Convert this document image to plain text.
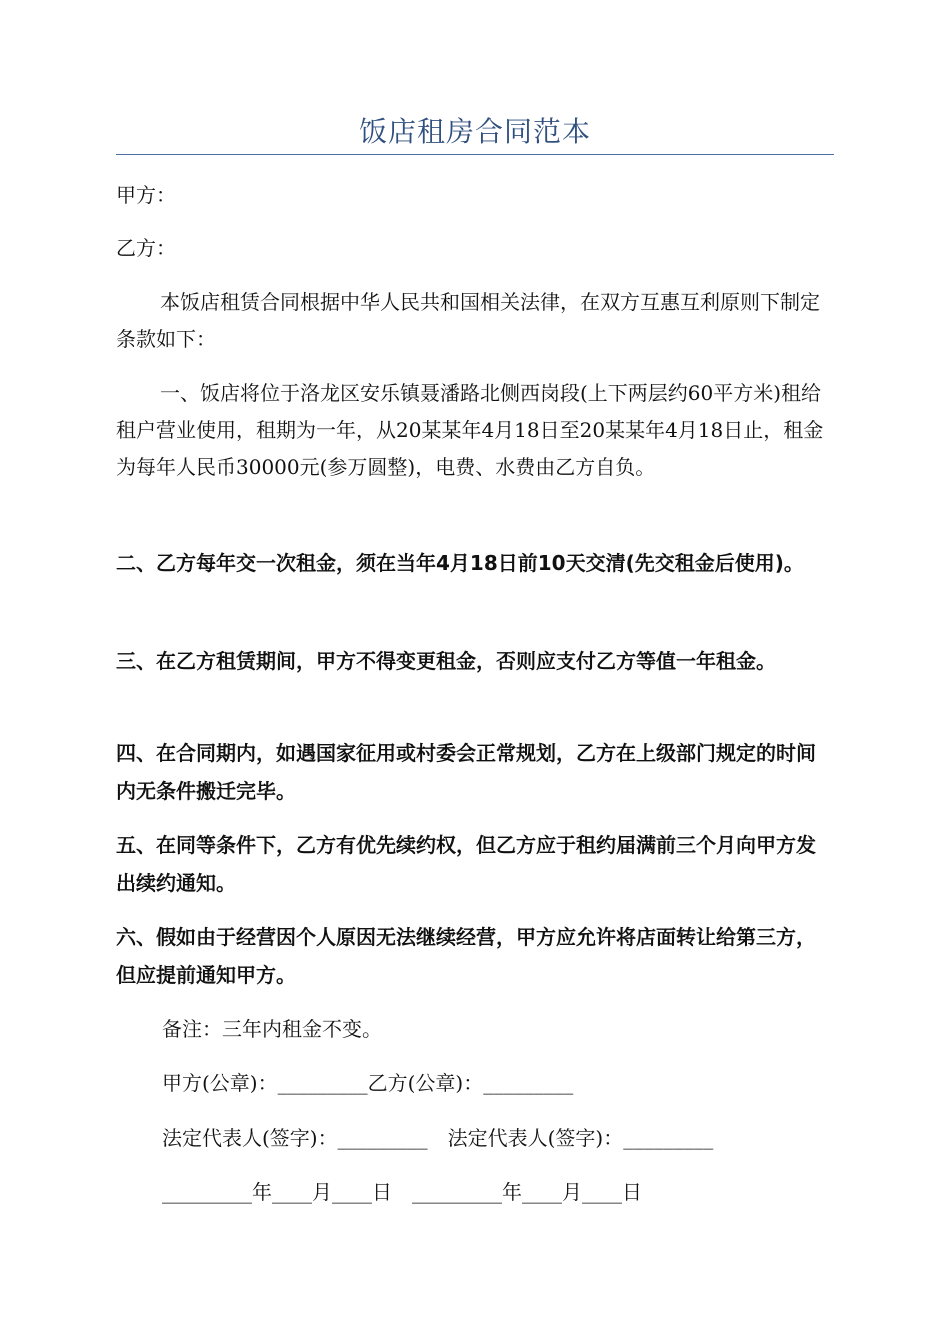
饭店租房合同范本
甲方：
乙方：
本饭店租赁合同根据中华人民共和国相关法律，在双方互惠互利原则下制定条款如下：
一、饭店将位于洛龙区安乐镇聂潘路北侧西岗段(上下两层约60平方米)租给租户营业使用，租期为一年，从20某某年4月18日至20某某年4月18日止，租金为每年人民币30000元(参万圆整)，电费、水费由乙方自负。
二、乙方每年交一次租金，须在当年4月18日前10天交清(先交租金后使用)。
三、在乙方租赁期间，甲方不得变更租金，否则应支付乙方等值一年租金。
四、在合同期内，如遇国家征用或村委会正常规划，乙方在上级部门规定的时间内无条件搬迁完毕。
五、在同等条件下，乙方有优先续约权，但乙方应于租约届满前三个月向甲方发出续约通知。
六、假如由于经营因个人原因无法继续经营，甲方应允许将店面转让给第三方，但应提前通知甲方。
备注：三年内租金不变。
甲方(公章)：_________乙方(公章)：_________
法定代表人(签字)：_________　法定代表人(签字)：_________
_________年____月____日　_________年____月____日
